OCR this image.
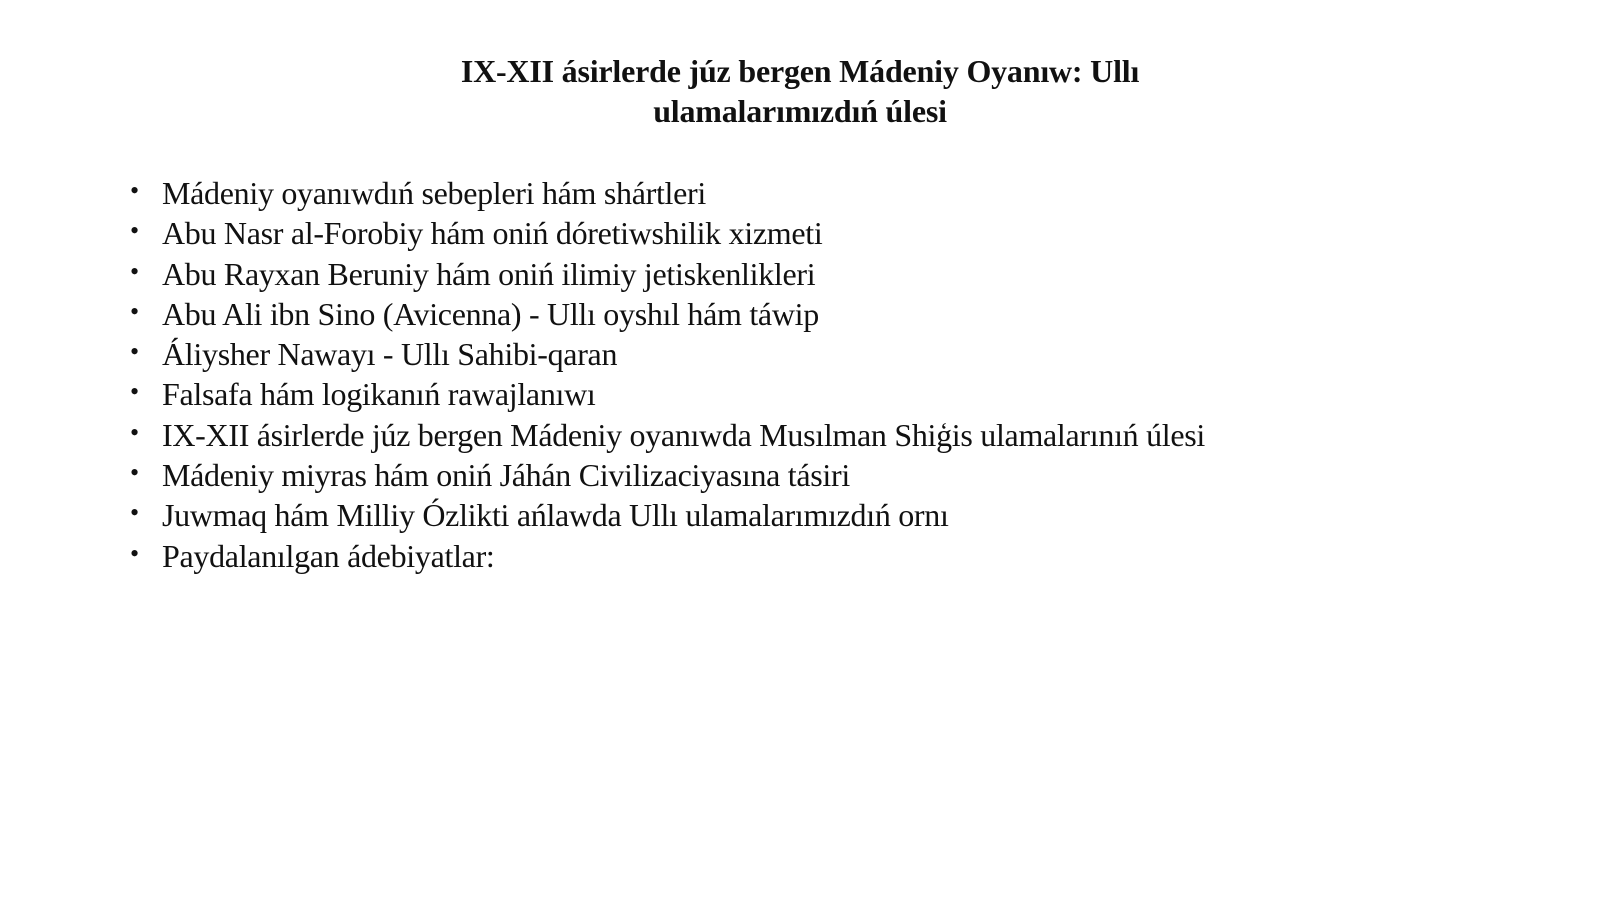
IX-XII ásirlerde júz bergen Mádeniy Oyanıw: Ullı
ulamalarımızdıń úlesi
• Mádeniy oyanıwdıń sebepleri hám shártleri
• Abu Nasr al-Forobiy hám oniń dóretiwshilik xizmeti
• Abu Rayxan Beruniy hám oniń ilimiy jetiskenlikleri
• Abu Ali ibn Sino (Avicenna) - Ullı oyshıl hám táwip
• Áliysher Nawayı - Ullı Sahibi-qaran
• Falsafa hám logikanıń rawajlanıwı
• IX-XII ásirlerde júz bergen Mádeniy oyanıwda Musılman Shiģis ulamalarınıń úlesi
• Mádeniy miyras hám oniń Jáhán Civilizaciyasına tásiri
• Juwmaq hám Milliy Ózlikti ańlawda Ullı ulamalarımızdıń ornı
• Paydalanılgan ádebiyatlar:
